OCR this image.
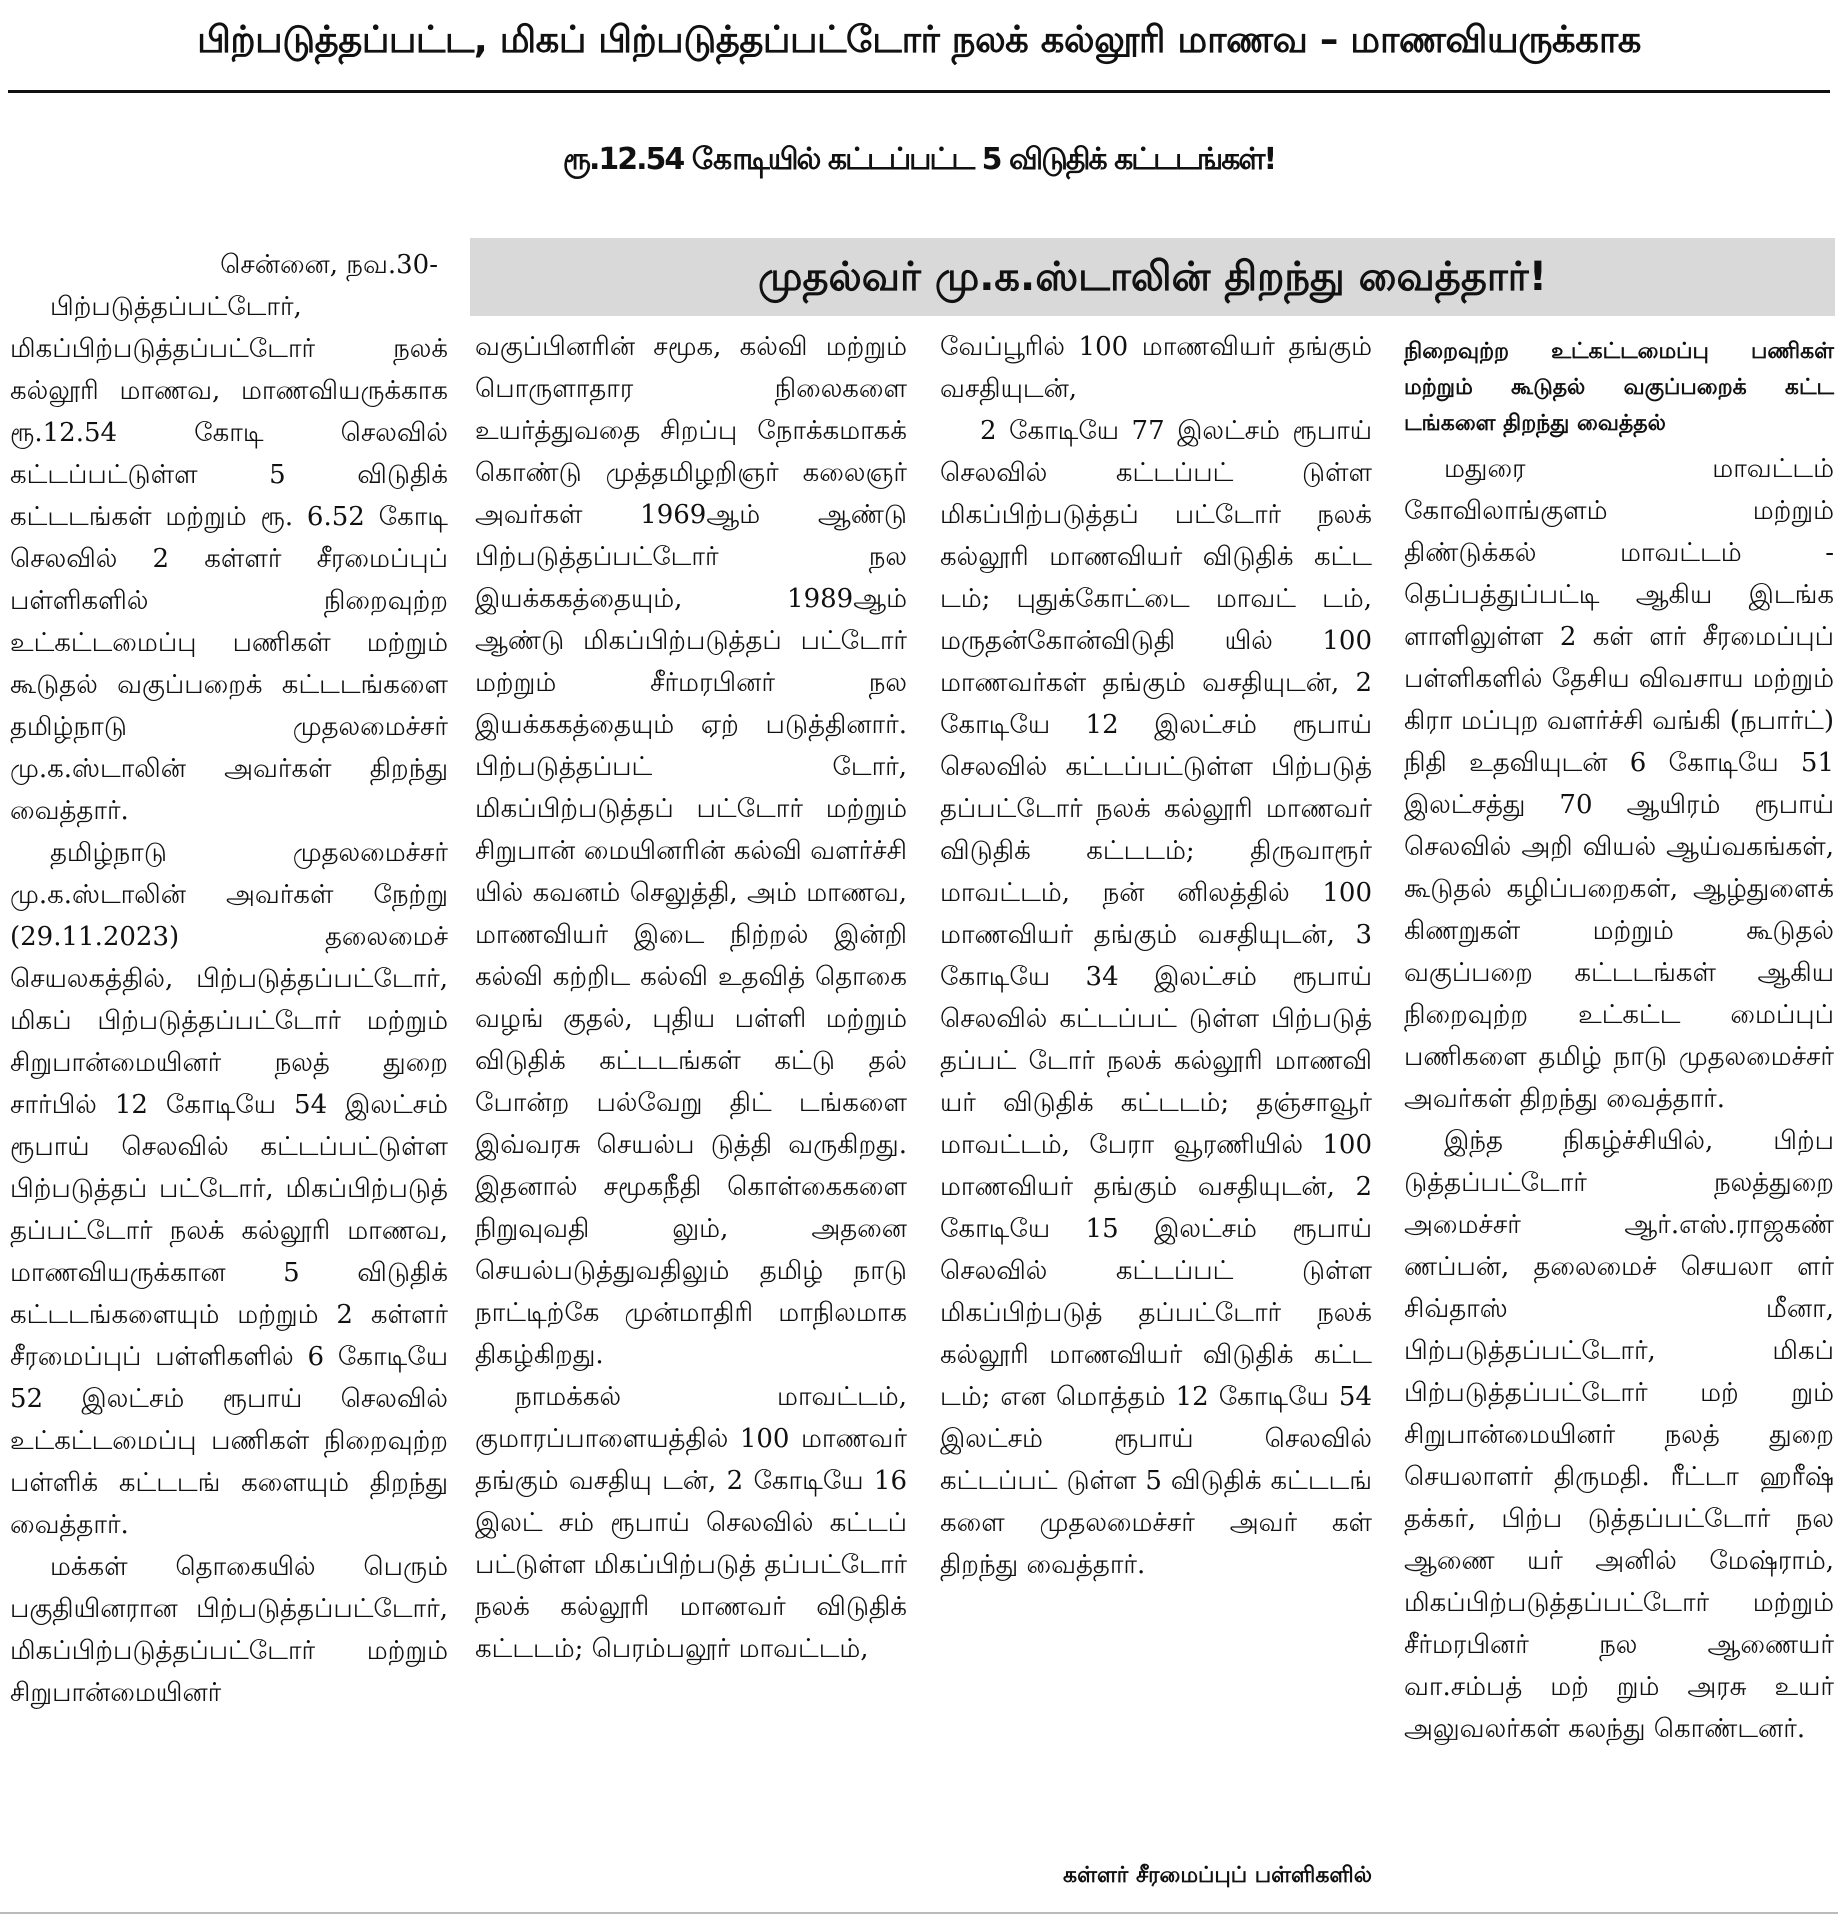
பிற்படுத்தப்பட்ட, மிகப் பிற்படுத்தப்பட்டோர் நலக் கல்லூரி மாணவ – மாணவியருக்காக
ரூ.12.54 கோடியில் கட்டப்பட்ட 5 விடுதிக் கட்டடங்கள்!
முதல்வர் மு.க.ஸ்டாலின் திறந்து வைத்தார்!

சென்னை, நவ.30-

பிற்படுத்தப்பட்டோர், மிகப்பிற்படுத்தப்பட்டோர் நலக் கல்லூரி மாணவ, மாணவியருக்காக ரூ.12.54 கோடி செலவில் கட்டப்பட்டுள்ள 5 விடுதிக் கட்டடங்கள் மற்றும் ரூ. 6.52 கோடி செலவில் 2 கள்ளர் சீரமைப்புப் பள்ளிகளில் நிறைவுற்ற உட்கட்டமைப்பு பணிகள் மற்றும் கூடுதல் வகுப்பறைக் கட்டடங்களை தமிழ்நாடு முதலமைச்சர் மு.க.ஸ்டாலின் அவர்கள் திறந்து வைத்தார்.

தமிழ்நாடு முதலமைச்சர் மு.க.ஸ்டாலின் அவர்கள் நேற்று (29.11.2023) தலைமைச் செயலகத்தில், பிற்படுத்தப்பட்டோர், மிகப் பிற்படுத்தப்பட்டோர் மற்றும் சிறுபான்மையினர் நலத் துறை சார்பில் 12 கோடியே 54 இலட்சம் ரூபாய் செலவில் கட்டப்பட்டுள்ள பிற்படுத்தப் பட்டோர், மிகப்பிற்படுத் தப்பட்டோர் நலக் கல்லூரி மாணவ, மாணவியருக்கான 5 விடுதிக் கட்டடங்களையும் மற்றும் 2 கள்ளர் சீரமைப்புப் பள்ளிகளில் 6 கோடியே 52 இலட்சம் ரூபாய் செலவில் உட்கட்டமைப்பு பணிகள் நிறைவுற்ற பள்ளிக் கட்டடங் களையும் திறந்து வைத்தார்.

மக்கள் தொகையில் பெரும் பகுதியினரான பிற்படுத்தப்பட்டோர், மிகப்பிற்படுத்தப்பட்டோர் மற்றும் சிறுபான்மையினர்

வகுப்பினரின் சமூக, கல்வி மற்றும் பொருளாதார நிலைகளை உயர்த்துவதை சிறப்பு நோக்கமாகக் கொண்டு முத்தமிழறிஞர் கலைஞர் அவர்கள் 1969ஆம் ஆண்டு பிற்படுத்தப்பட்டோர் நல இயக்ககத்தையும், 1989ஆம் ஆண்டு மிகப்பிற்படுத்தப் பட்டோர் மற்றும் சீர்மரபினர் நல இயக்ககத்தையும் ஏற் படுத்தினார். பிற்படுத்தப்பட் டோர், மிகப்பிற்படுத்தப் பட்டோர் மற்றும் சிறுபான் மையினரின் கல்வி வளர்ச்சி யில் கவனம் செலுத்தி, அம் மாணவ, மாணவியர் இடை நிற்றல் இன்றி கல்வி கற்றிட கல்வி உதவித் தொகை வழங் குதல், புதிய பள்ளி மற்றும் விடுதிக் கட்டடங்கள் கட்டு தல் போன்ற பல்வேறு திட் டங்களை இவ்வரசு செயல்ப டுத்தி வருகிறது. இதனால் சமூகநீதி கொள்கைகளை நிறுவுவதி லும், அதனை செயல்படுத்துவதிலும் தமிழ் நாடு நாட்டிற்கே முன்மாதிரி மாநிலமாக திகழ்கிறது.

நாமக்கல் மாவட்டம், குமாரப்பாளையத்தில் 100 மாணவர் தங்கும் வசதியு டன், 2 கோடியே 16 இலட் சம் ரூபாய் செலவில் கட்டப் பட்டுள்ள மிகப்பிற்படுத் தப்பட்டோர் நலக் கல்லூரி மாணவர் விடுதிக் கட்டடம்; பெரம்பலூர் மாவட்டம்,

வேப்பூரில் 100 மாணவியர் தங்கும் வசதியுடன்,

2 கோடியே 77 இலட்சம் ரூபாய் செலவில் கட்டப்பட் டுள்ள மிகப்பிற்படுத்தப் பட்டோர் நலக் கல்லூரி மாணவியர் விடுதிக் கட்ட டம்; புதுக்கோட்டை மாவட் டம், மருதன்கோன்விடுதி யில் 100 மாணவர்கள் தங்கும் வசதியுடன், 2 கோடியே 12 இலட்சம் ரூபாய் செலவில் கட்டப்பட்டுள்ள பிற்படுத் தப்பட்டோர் நலக் கல்லூரி மாணவர் விடுதிக் கட்டடம்; திருவாரூர் மாவட்டம், நன் னிலத்தில் 100 மாணவியர் தங்கும் வசதியுடன், 3 கோடியே 34 இலட்சம் ரூபாய் செலவில் கட்டப்பட் டுள்ள பிற்படுத் தப்பட் டோர் நலக் கல்லூரி மாணவி யர் விடுதிக் கட்டடம்; தஞ்சாவூர் மாவட்டம், பேரா வூரணியில் 100 மாணவியர் தங்கும் வசதியுடன், 2 கோடியே 15 இலட்சம் ரூபாய் செலவில் கட்டப்பட் டுள்ள மிகப்பிற்படுத் தப்பட்டோர் நலக் கல்லூரி மாணவியர் விடுதிக் கட்ட டம்; என மொத்தம் 12 கோடியே 54 இலட்சம் ரூபாய் செலவில் கட்டப்பட் டுள்ள 5 விடுதிக் கட்டடங் களை முதலமைச்சர் அவர் கள் திறந்து வைத்தார்.

கள்ளர் சீரமைப்புப் பள்ளிகளில்

நிறைவுற்ற உட்கட்டமைப்பு பணிகள் மற்றும் கூடுதல் வகுப்பறைக் கட்ட டங்களை திறந்து வைத்தல்

மதுரை மாவட்டம் கோவிலாங்குளம் மற்றும் திண்டுக்கல் மாவட்டம் - தெப்பத்துப்பட்டி ஆகிய இடங்க ளாளிலுள்ள 2 கள் ளர் சீரமைப்புப் பள்ளிகளில் தேசிய விவசாய மற்றும் கிரா மப்புற வளர்ச்சி வங்கி (நபார்ட்) நிதி உதவியுடன் 6 கோடியே 51 இலட்சத்து 70 ஆயிரம் ரூபாய் செலவில் அறி வியல் ஆய்வகங்கள், கூடுதல் கழிப்பறைகள், ஆழ்துளைக் கிணறுகள் மற்றும் கூடுதல் வகுப்பறை கட்டடங்கள் ஆகிய நிறைவுற்ற உட்கட்ட மைப்புப் பணிகளை தமிழ் நாடு முதலமைச்சர் அவர்கள் திறந்து வைத்தார்.

இந்த நிகழ்ச்சியில், பிற்ப டுத்தப்பட்டோர் நலத்துறை அமைச்சர் ஆர்.எஸ்.ராஜகண் ணப்பன், தலைமைச் செயலா ளர் சிவ்தாஸ் மீனா, பிற்படுத்தப்பட்டோர், மிகப் பிற்படுத்தப்பட்டோர் மற் றும் சிறுபான்மையினர் நலத் துறை செயலாளர் திருமதி. ரீட்டா ஹரீஷ் தக்கர், பிற்ப டுத்தப்பட்டோர் நல ஆணை யர் அனில் மேஷ்ராம், மிகப்பிற்படுத்தப்பட்டோர் மற்றும் சீர்மரபினர் நல ஆணையர் வா.சம்பத் மற் றும் அரசு உயர் அலுவலர்கள் கலந்து கொண்டனர்.
